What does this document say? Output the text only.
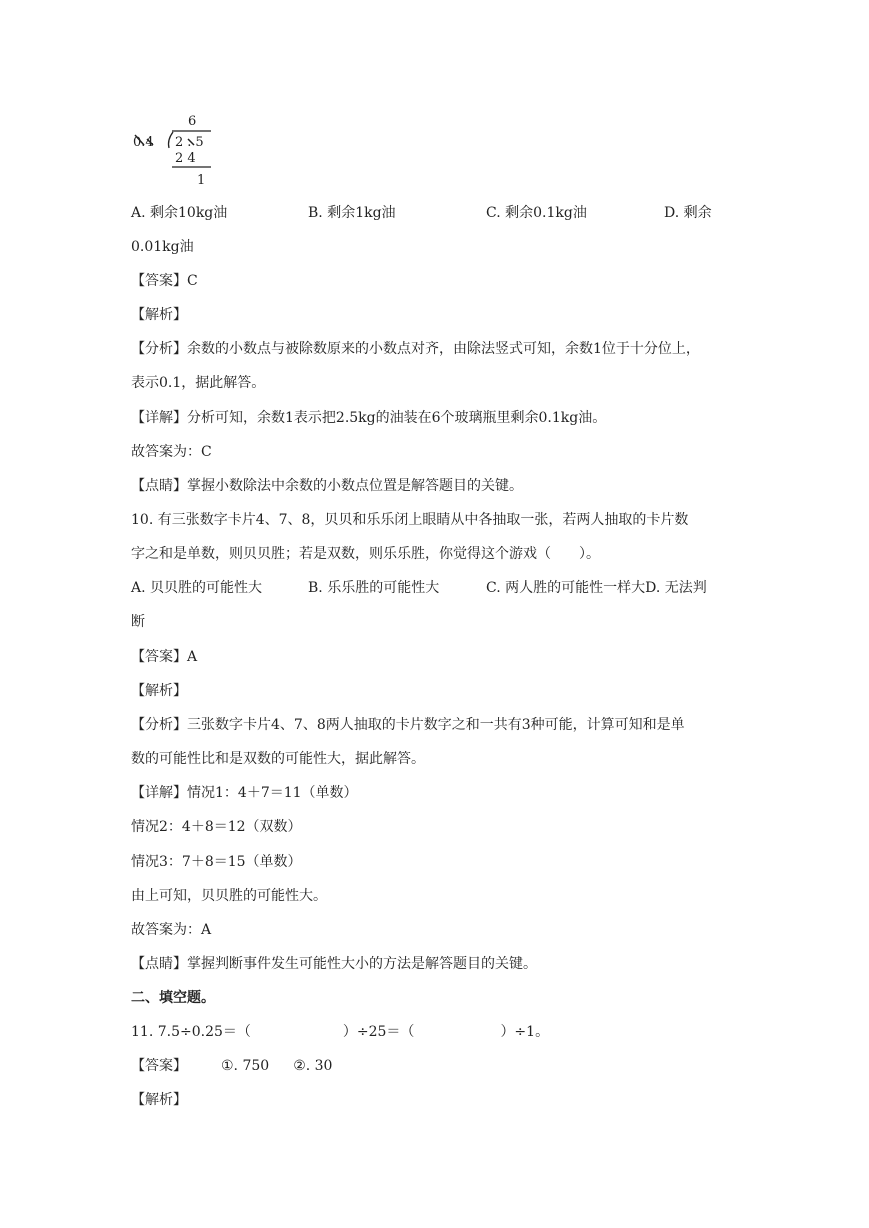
6
0.4 2.5
2 4
1
A. 剩余10kg油	B. 剩余1kg油	C. 剩余0.1kg油	D. 剩余
0.01kg油
【答案】C
【解析】
【分析】余数的小数点与被除数原来的小数点对齐，由除法竖式可知，余数1位于十分位上，
表示0.1，据此解答。
【详解】分析可知，余数1表示把2.5kg的油装在6个玻璃瓶里剩余0.1kg油。
故答案为：C
【点睛】掌握小数除法中余数的小数点位置是解答题目的关键。
10. 有三张数字卡片4、7、8，贝贝和乐乐闭上眼睛从中各抽取一张，若两人抽取的卡片数
字之和是单数，则贝贝胜；若是双数，则乐乐胜，你觉得这个游戏（　　）。
A. 贝贝胜的可能性大	B. 乐乐胜的可能性大	C. 两人胜的可能性一样大D. 无法判
断
【答案】A
【解析】
【分析】三张数字卡片4、7、8两人抽取的卡片数字之和一共有3种可能，计算可知和是单
数的可能性比和是双数的可能性大，据此解答。
【详解】情况1：4＋7＝11（单数）
情况2：4＋8＝12（双数）
情况3：7＋8＝15（单数）
由上可知，贝贝胜的可能性大。
故答案为：A
【点睛】掌握判断事件发生可能性大小的方法是解答题目的关键。
二、填空题。
11. 7.5÷0.25＝（	）÷25＝（	）÷1。
【答案】 ①. 750 ②. 30
【解析】
